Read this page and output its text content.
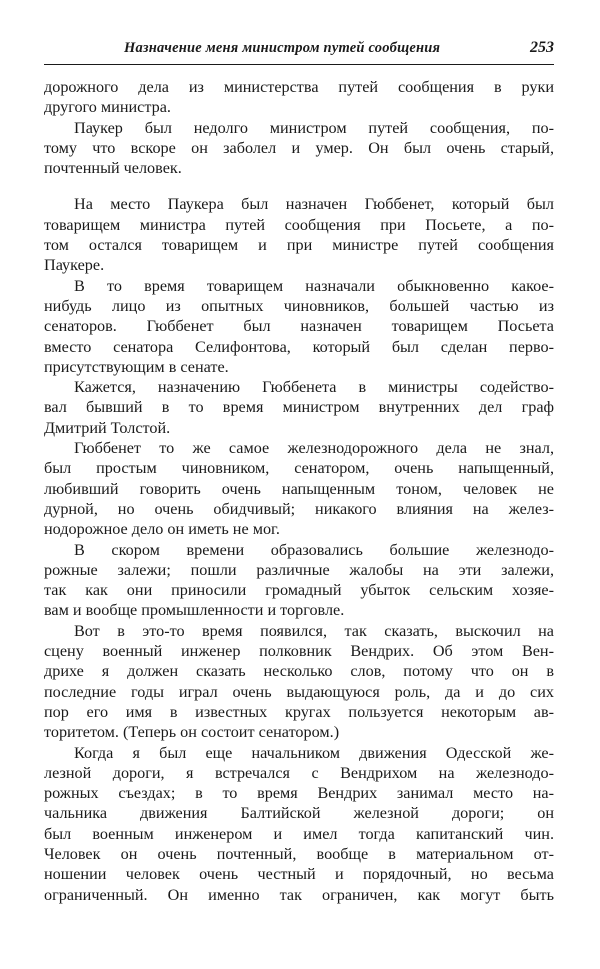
Назначение меня министром путей сообщения	253
дорожного дела из министерства путей сообщения в руки
другого министра.
Паукер был недолго министром путей сообщения, по-
тому что вскоре он заболел и умер. Он был очень старый,
почтенный человек.
На место Паукера был назначен Гюббенет, который был
товарищем министра путей сообщения при Посьете, а по-
том остался товарищем и при министре путей сообщения
Паукере.
В то время товарищем назначали обыкновенно какое-
нибудь лицо из опытных чиновников, большей частью из
сенаторов. Гюббенет был назначен товарищем Посьета
вместо сенатора Селифонтова, который был сделан перво-
присутствующим в сенате.
Кажется, назначению Гюббенета в министры содейство-
вал бывший в то время министром внутренних дел граф
Дмитрий Толстой.
Гюббенет то же самое железнодорожного дела не знал,
был простым чиновником, сенатором, очень напыщенный,
любивший говорить очень напыщенным тоном, человек не
дурной, но очень обидчивый; никакого влияния на желез-
нодорожное дело он иметь не мог.
В скором времени образовались большие железнодо-
рожные залежи; пошли различные жалобы на эти залежи,
так как они приносили громадный убыток сельским хозяе-
вам и вообще промышленности и торговле.
Вот в это-то время появился, так сказать, выскочил на
сцену военный инженер полковник Вендрих. Об этом Вен-
дрихе я должен сказать несколько слов, потому что он в
последние годы играл очень выдающуюся роль, да и до сих
пор его имя в известных кругах пользуется некоторым ав-
торитетом. (Теперь он состоит сенатором.)
Когда я был еще начальником движения Одесской же-
лезной дороги, я встречался с Вендрихом на железнодо-
рожных съездах; в то время Вендрих занимал место на-
чальника движения Балтийской железной дороги; он
был военным инженером и имел тогда капитанский чин.
Человек он очень почтенный, вообще в материальном от-
ношении человек очень честный и порядочный, но весьма
ограниченный. Он именно так ограничен, как могут быть
